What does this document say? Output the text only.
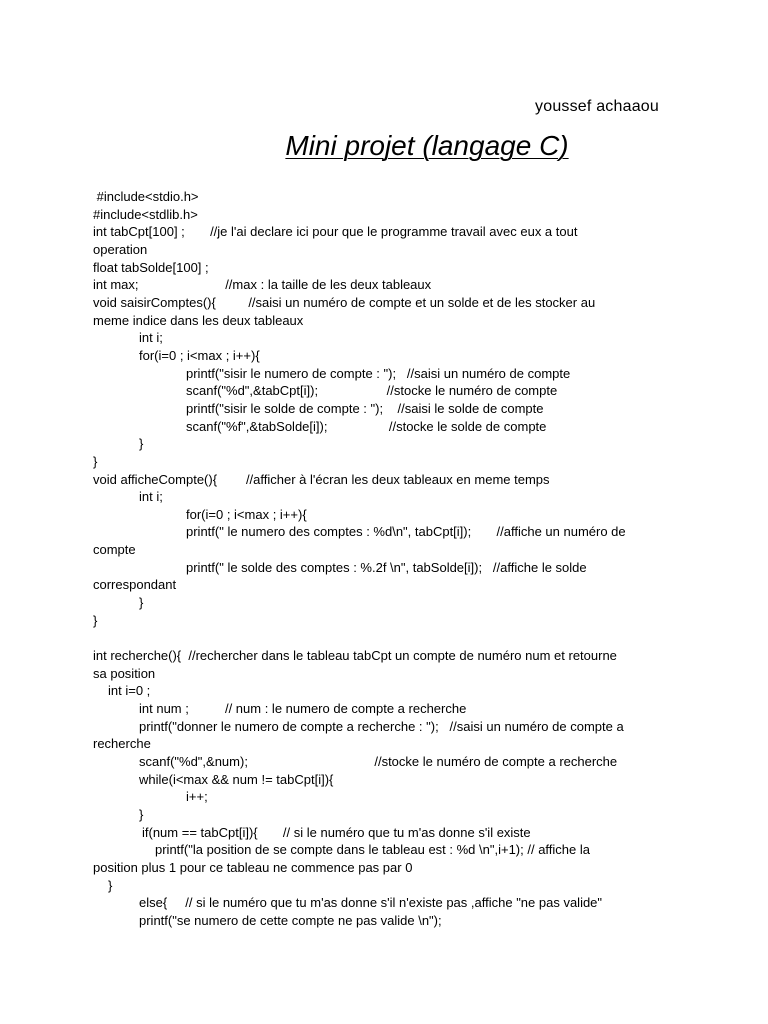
youssef achaaou
Mini projet (langage C)
#include<stdio.h>
#include<stdlib.h>
int tabCpt[100] ;       //je l'ai declare ici pour que le programme travail avec eux a tout
operation
float tabSolde[100] ;
int max;                        //max : la taille de les deux tableaux
void saisirComptes(){         //saisi un numéro de compte et un solde et de les stocker au
meme indice dans les deux tableaux
int i;
for(i=0 ; i<max ; i++){
printf("sisir le numero de compte : ");   //saisi un numéro de compte
scanf("%d",&tabCpt[i]);                   //stocke le numéro de compte
printf("sisir le solde de compte : ");    //saisi le solde de compte
scanf("%f",&tabSolde[i]);                 //stocke le solde de compte
}
}
void afficheCompte(){        //afficher à l'écran les deux tableaux en meme temps
int i;
for(i=0 ; i<max ; i++){
printf(" le numero des comptes : %d\n", tabCpt[i]);       //affiche un numéro de
compte
printf(" le solde des comptes : %.2f \n", tabSolde[i]);   //affiche le solde
correspondant
}
}
int recherche(){  //rechercher dans le tableau tabCpt un compte de numéro num et retourne
sa position
int i=0 ;
int num ;          // num : le numero de compte a recherche
printf("donner le numero de compte a recherche : ");   //saisi un numéro de compte a
recherche
scanf("%d",&num);                                   //stocke le numéro de compte a recherche
while(i<max && num != tabCpt[i]){
i++;
}
if(num == tabCpt[i]){       // si le numéro que tu m'as donne s'il existe
printf("la position de se compte dans le tableau est : %d \n",i+1); // affiche la
position plus 1 pour ce tableau ne commence pas par 0
}
else{     // si le numéro que tu m'as donne s'il n'existe pas ,affiche "ne pas valide"
printf("se numero de cette compte ne pas valide \n");
